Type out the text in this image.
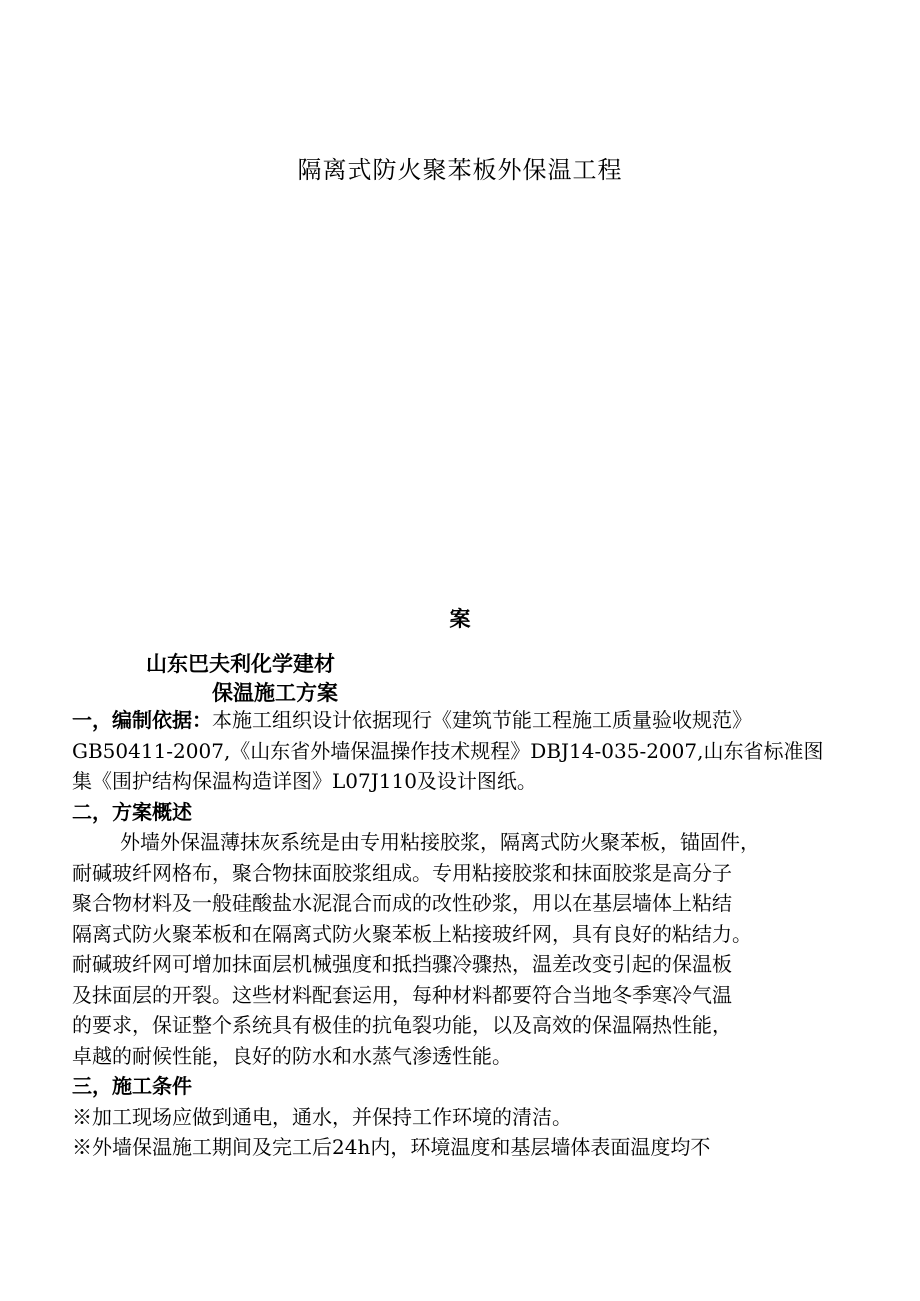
隔离式防火聚苯板外保温工程
案
山东巴夫利化学建材
保温施工方案

一，编制依据：本施工组织设计依据现行《建筑节能工程施工质量验收规范》

GB50411-2007,《山东省外墙保温操作技术规程》DBJ14-035-2007,山东省标准图

集《围护结构保温构造详图》L07J110及设计图纸。

二，方案概述

外墙外保温薄抹灰系统是由专用粘接胶浆，隔离式防火聚苯板，锚固件，

耐碱玻纤网格布，聚合物抹面胶浆组成。专用粘接胶浆和抹面胶浆是高分子

聚合物材料及一般硅酸盐水泥混合而成的改性砂浆，用以在基层墙体上粘结

隔离式防火聚苯板和在隔离式防火聚苯板上粘接玻纤网，具有良好的粘结力。

耐碱玻纤网可增加抹面层机械强度和抵挡骤冷骤热，温差改变引起的保温板

及抹面层的开裂。这些材料配套运用，每种材料都要符合当地冬季寒冷气温

的要求，保证整个系统具有极佳的抗龟裂功能，以及高效的保温隔热性能，

卓越的耐候性能，良好的防水和水蒸气渗透性能。

三，施工条件

※加工现场应做到通电，通水，并保持工作环境的清洁。

※外墙保温施工期间及完工后24h内，环境温度和基层墙体表面温度均不
